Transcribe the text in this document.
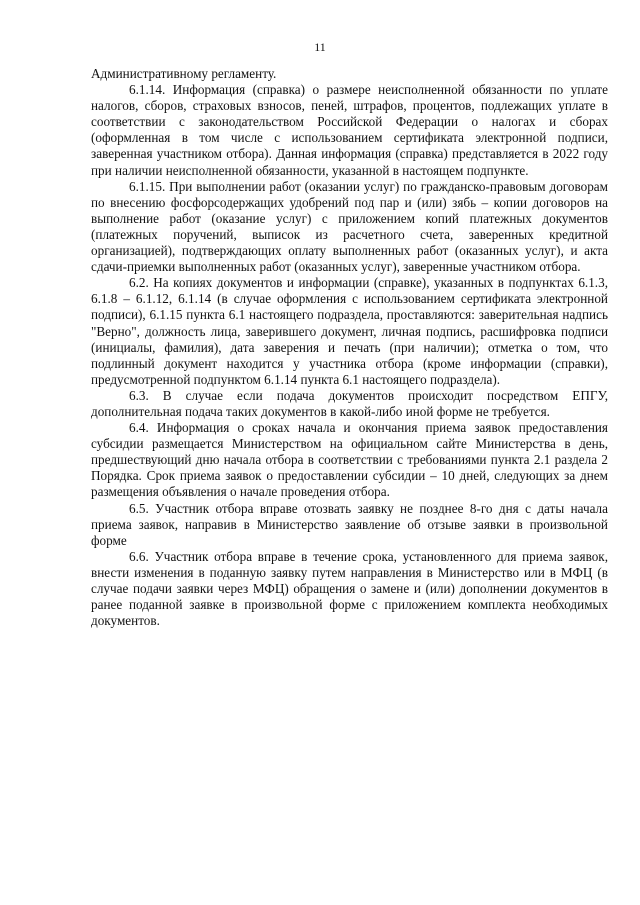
11

Административному регламенту.

6.1.14. Информация (справка) о размере неисполненной обязанности по уплате налогов, сборов, страховых взносов, пеней, штрафов, процентов, подлежащих уплате в соответствии с законодательством Российской Федерации о налогах и сборах (оформленная в том числе с использованием сертификата электронной подписи, заверенная участником отбора). Данная информация (справка) представляется в 2022 году при наличии неисполненной обязанности, указанной в настоящем подпункте.

6.1.15. При выполнении работ (оказании услуг) по гражданско-правовым договорам по внесению фосфорсодержащих удобрений под пар и (или) зябь – копии договоров на выполнение работ (оказание услуг) с приложением копий платежных документов (платежных поручений, выписок из расчетного счета, заверенных кредитной организацией), подтверждающих оплату выполненных работ (оказанных услуг), и акта сдачи-приемки выполненных работ (оказанных услуг), заверенные участником отбора.

6.2. На копиях документов и информации (справке), указанных в подпунктах 6.1.3, 6.1.8 – 6.1.12, 6.1.14 (в случае оформления с использованием сертификата электронной подписи), 6.1.15 пункта 6.1 настоящего подраздела, проставляются: заверительная надпись "Верно", должность лица, заверившего документ, личная подпись, расшифровка подписи (инициалы, фамилия), дата заверения и печать (при наличии); отметка о том, что подлинный документ находится у участника отбора (кроме информации (справки), предусмотренной подпунктом 6.1.14 пункта 6.1 настоящего подраздела).

6.3. В случае если подача документов происходит посредством ЕПГУ, дополнительная подача таких документов в какой-либо иной форме не требуется.

6.4. Информация о сроках начала и окончания приема заявок предоставления субсидии размещается Министерством на официальном сайте Министерства в день, предшествующий дню начала отбора в соответствии с требованиями пункта 2.1 раздела 2 Порядка. Срок приема заявок о предоставлении субсидии – 10 дней, следующих за днем размещения объявления о начале проведения отбора.

6.5. Участник отбора вправе отозвать заявку не позднее 8-го дня с даты начала приема заявок, направив в Министерство заявление об отзыве заявки в произвольной форме

6.6. Участник отбора вправе в течение срока, установленного для приема заявок, внести изменения в поданную заявку путем направления в Министерство или в МФЦ (в случае подачи заявки через МФЦ) обращения о замене и (или) дополнении документов в ранее поданной заявке в произвольной форме с приложением комплекта необходимых документов.
